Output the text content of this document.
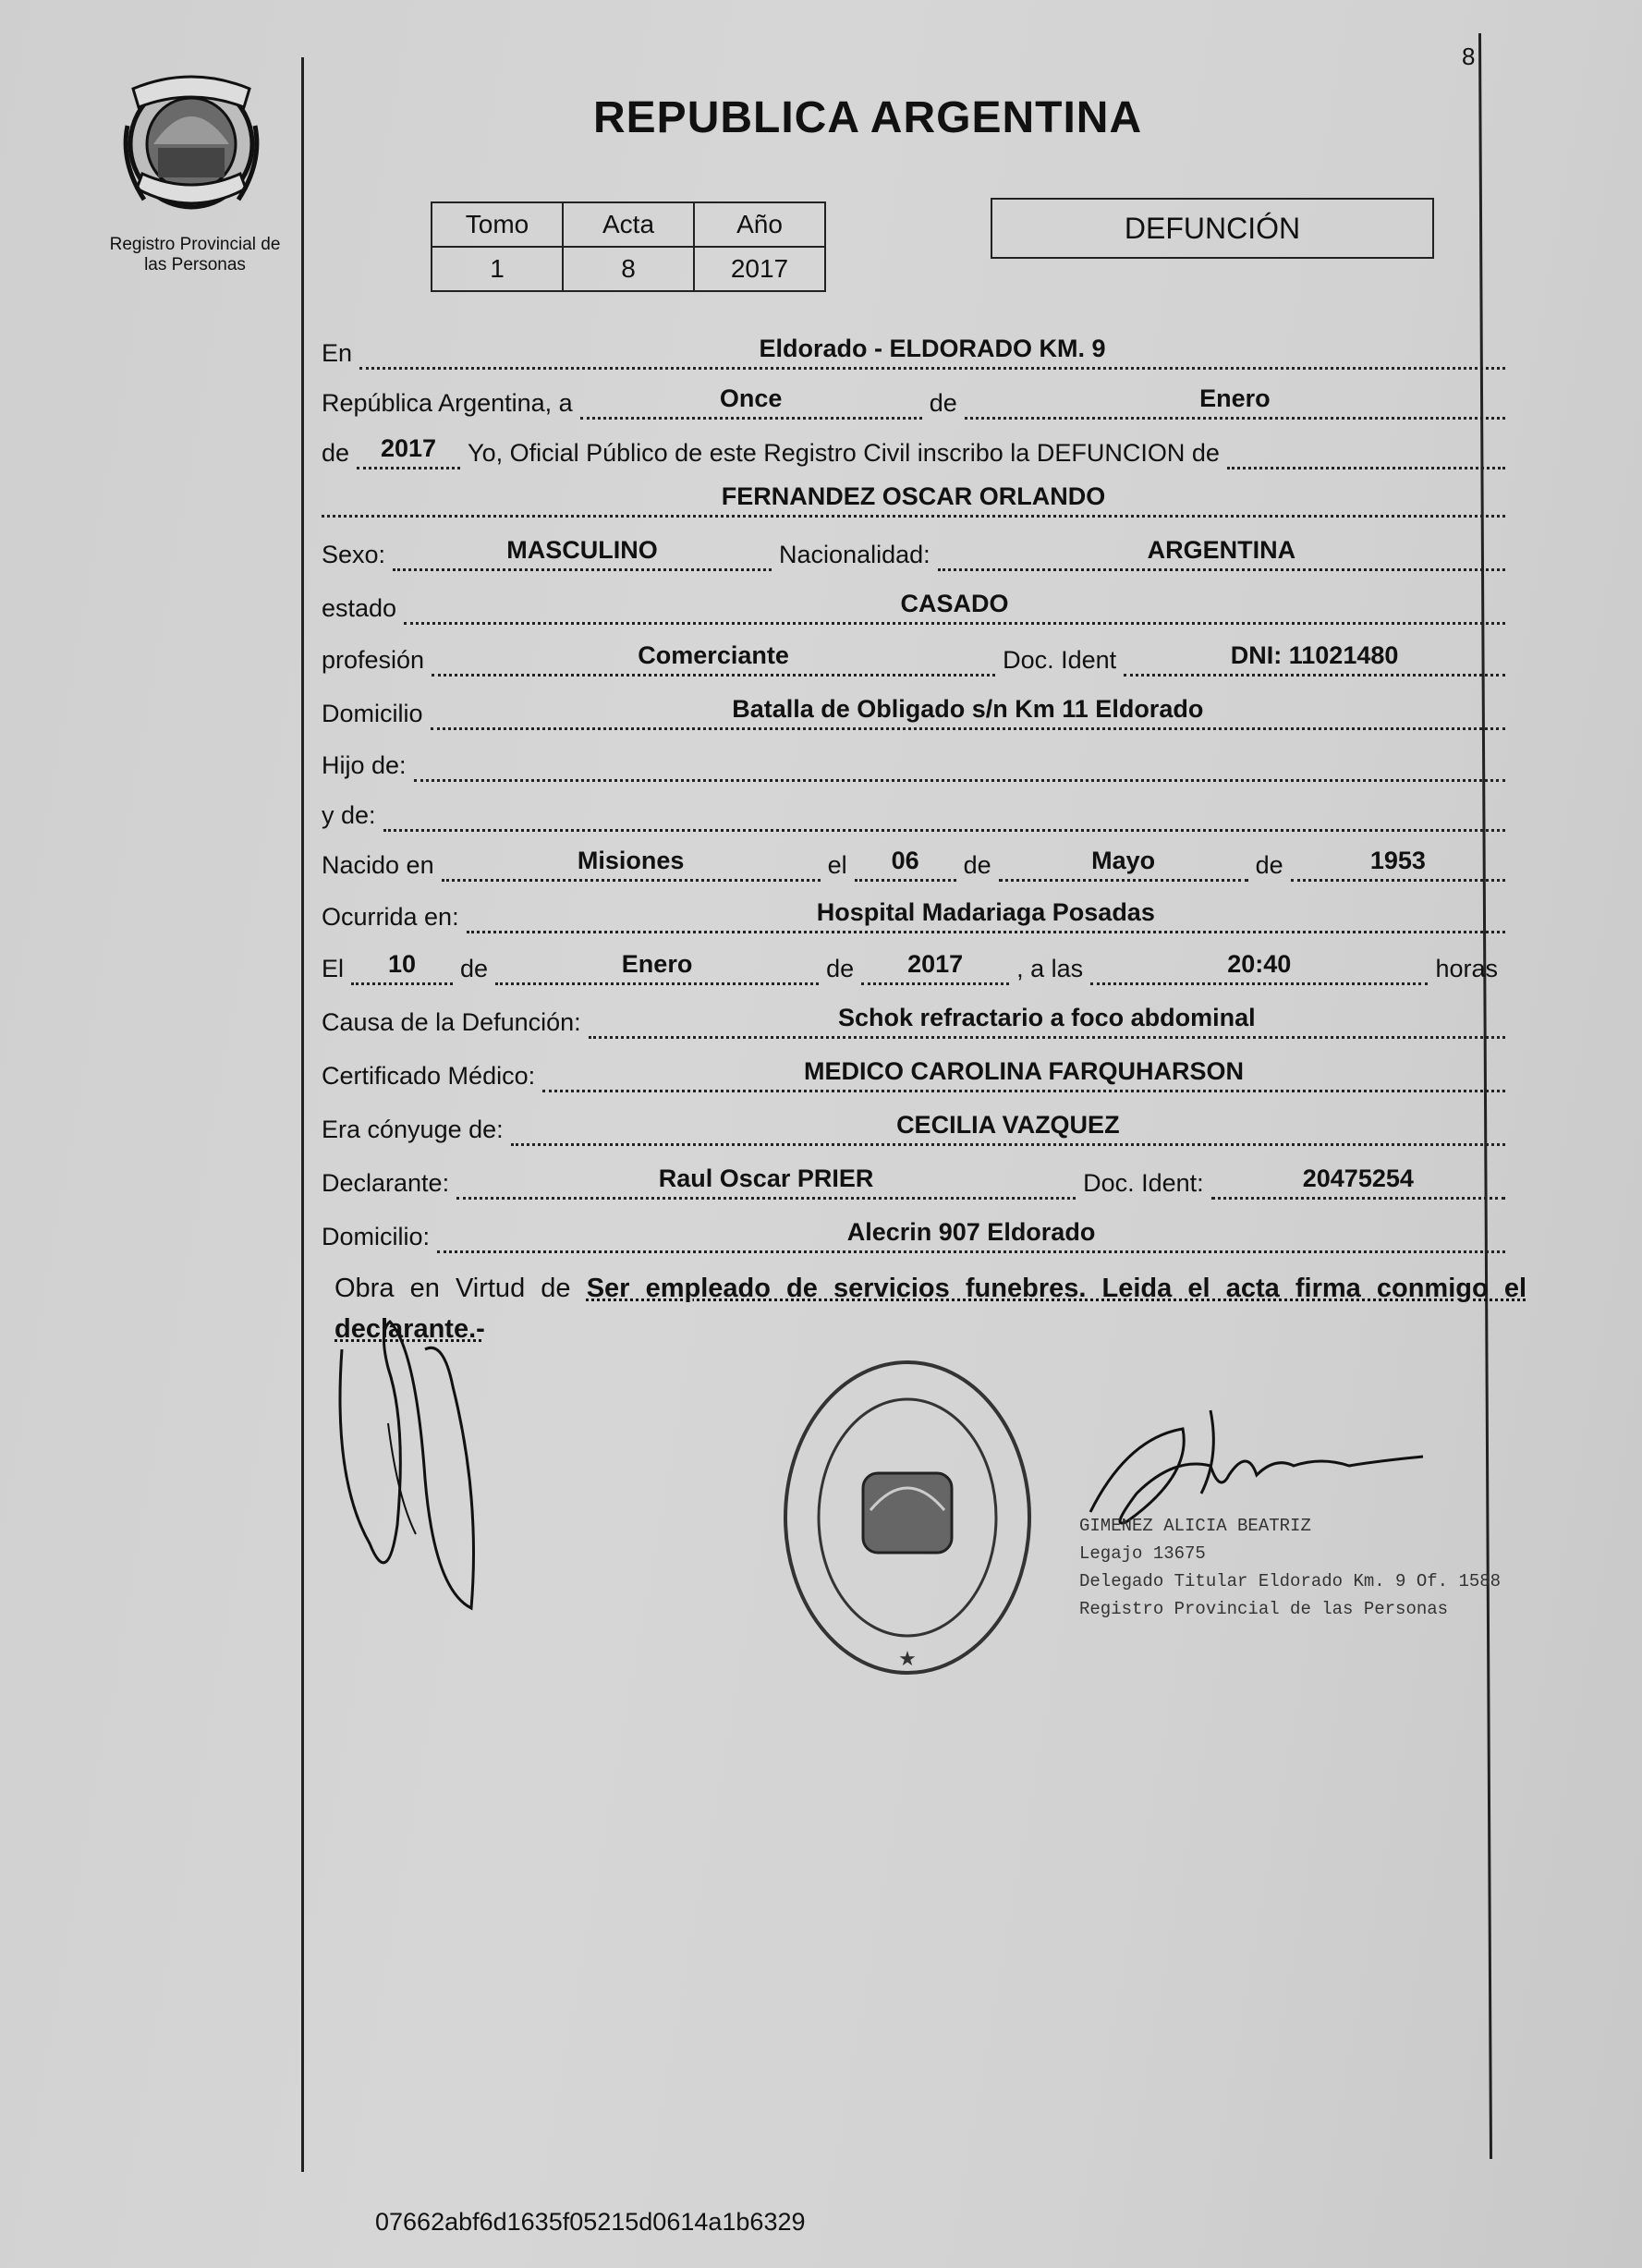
8
Registro Provincial de
las Personas
REPUBLICA ARGENTINA
Tomo	Acta	Año
1	8	2017
DEFUNCIÓN
En	Eldorado - ELDORADO KM. 9
República Argentina, a	Once	de	Enero
de	2017	Yo, Oficial Público de este Registro Civil inscribo la DEFUNCION de
FERNANDEZ OSCAR ORLANDO
Sexo:	MASCULINO	Nacionalidad:	ARGENTINA
estado	CASADO
profesión	Comerciante	Doc. Ident	DNI: 11021480
Domicilio	Batalla de Obligado s/n Km 11 Eldorado
Hijo de:
y de:
Nacido en	Misiones	el	06	de	Mayo	de	1953
Ocurrida en:	Hospital Madariaga Posadas
El	10	de	Enero	de	2017	, a las	20:40	horas
Causa de la Defunción:	Schok refractario a foco abdominal
Certificado Médico:	MEDICO CAROLINA FARQUHARSON
Era cónyuge de:	CECILIA VAZQUEZ
Declarante:	Raul Oscar PRIER	Doc. Ident:	20475254
Domicilio:	Alecrin 907 Eldorado
Obra en Virtud de Ser empleado de servicios funebres. Leida el acta firma conmigo el declarante.-
★
GIMENEZ ALICIA BEATRIZ
Legajo 13675
Delegado Titular Eldorado Km. 9 Of. 1588
Registro Provincial de las Personas
07662abf6d1635f05215d0614a1b6329
